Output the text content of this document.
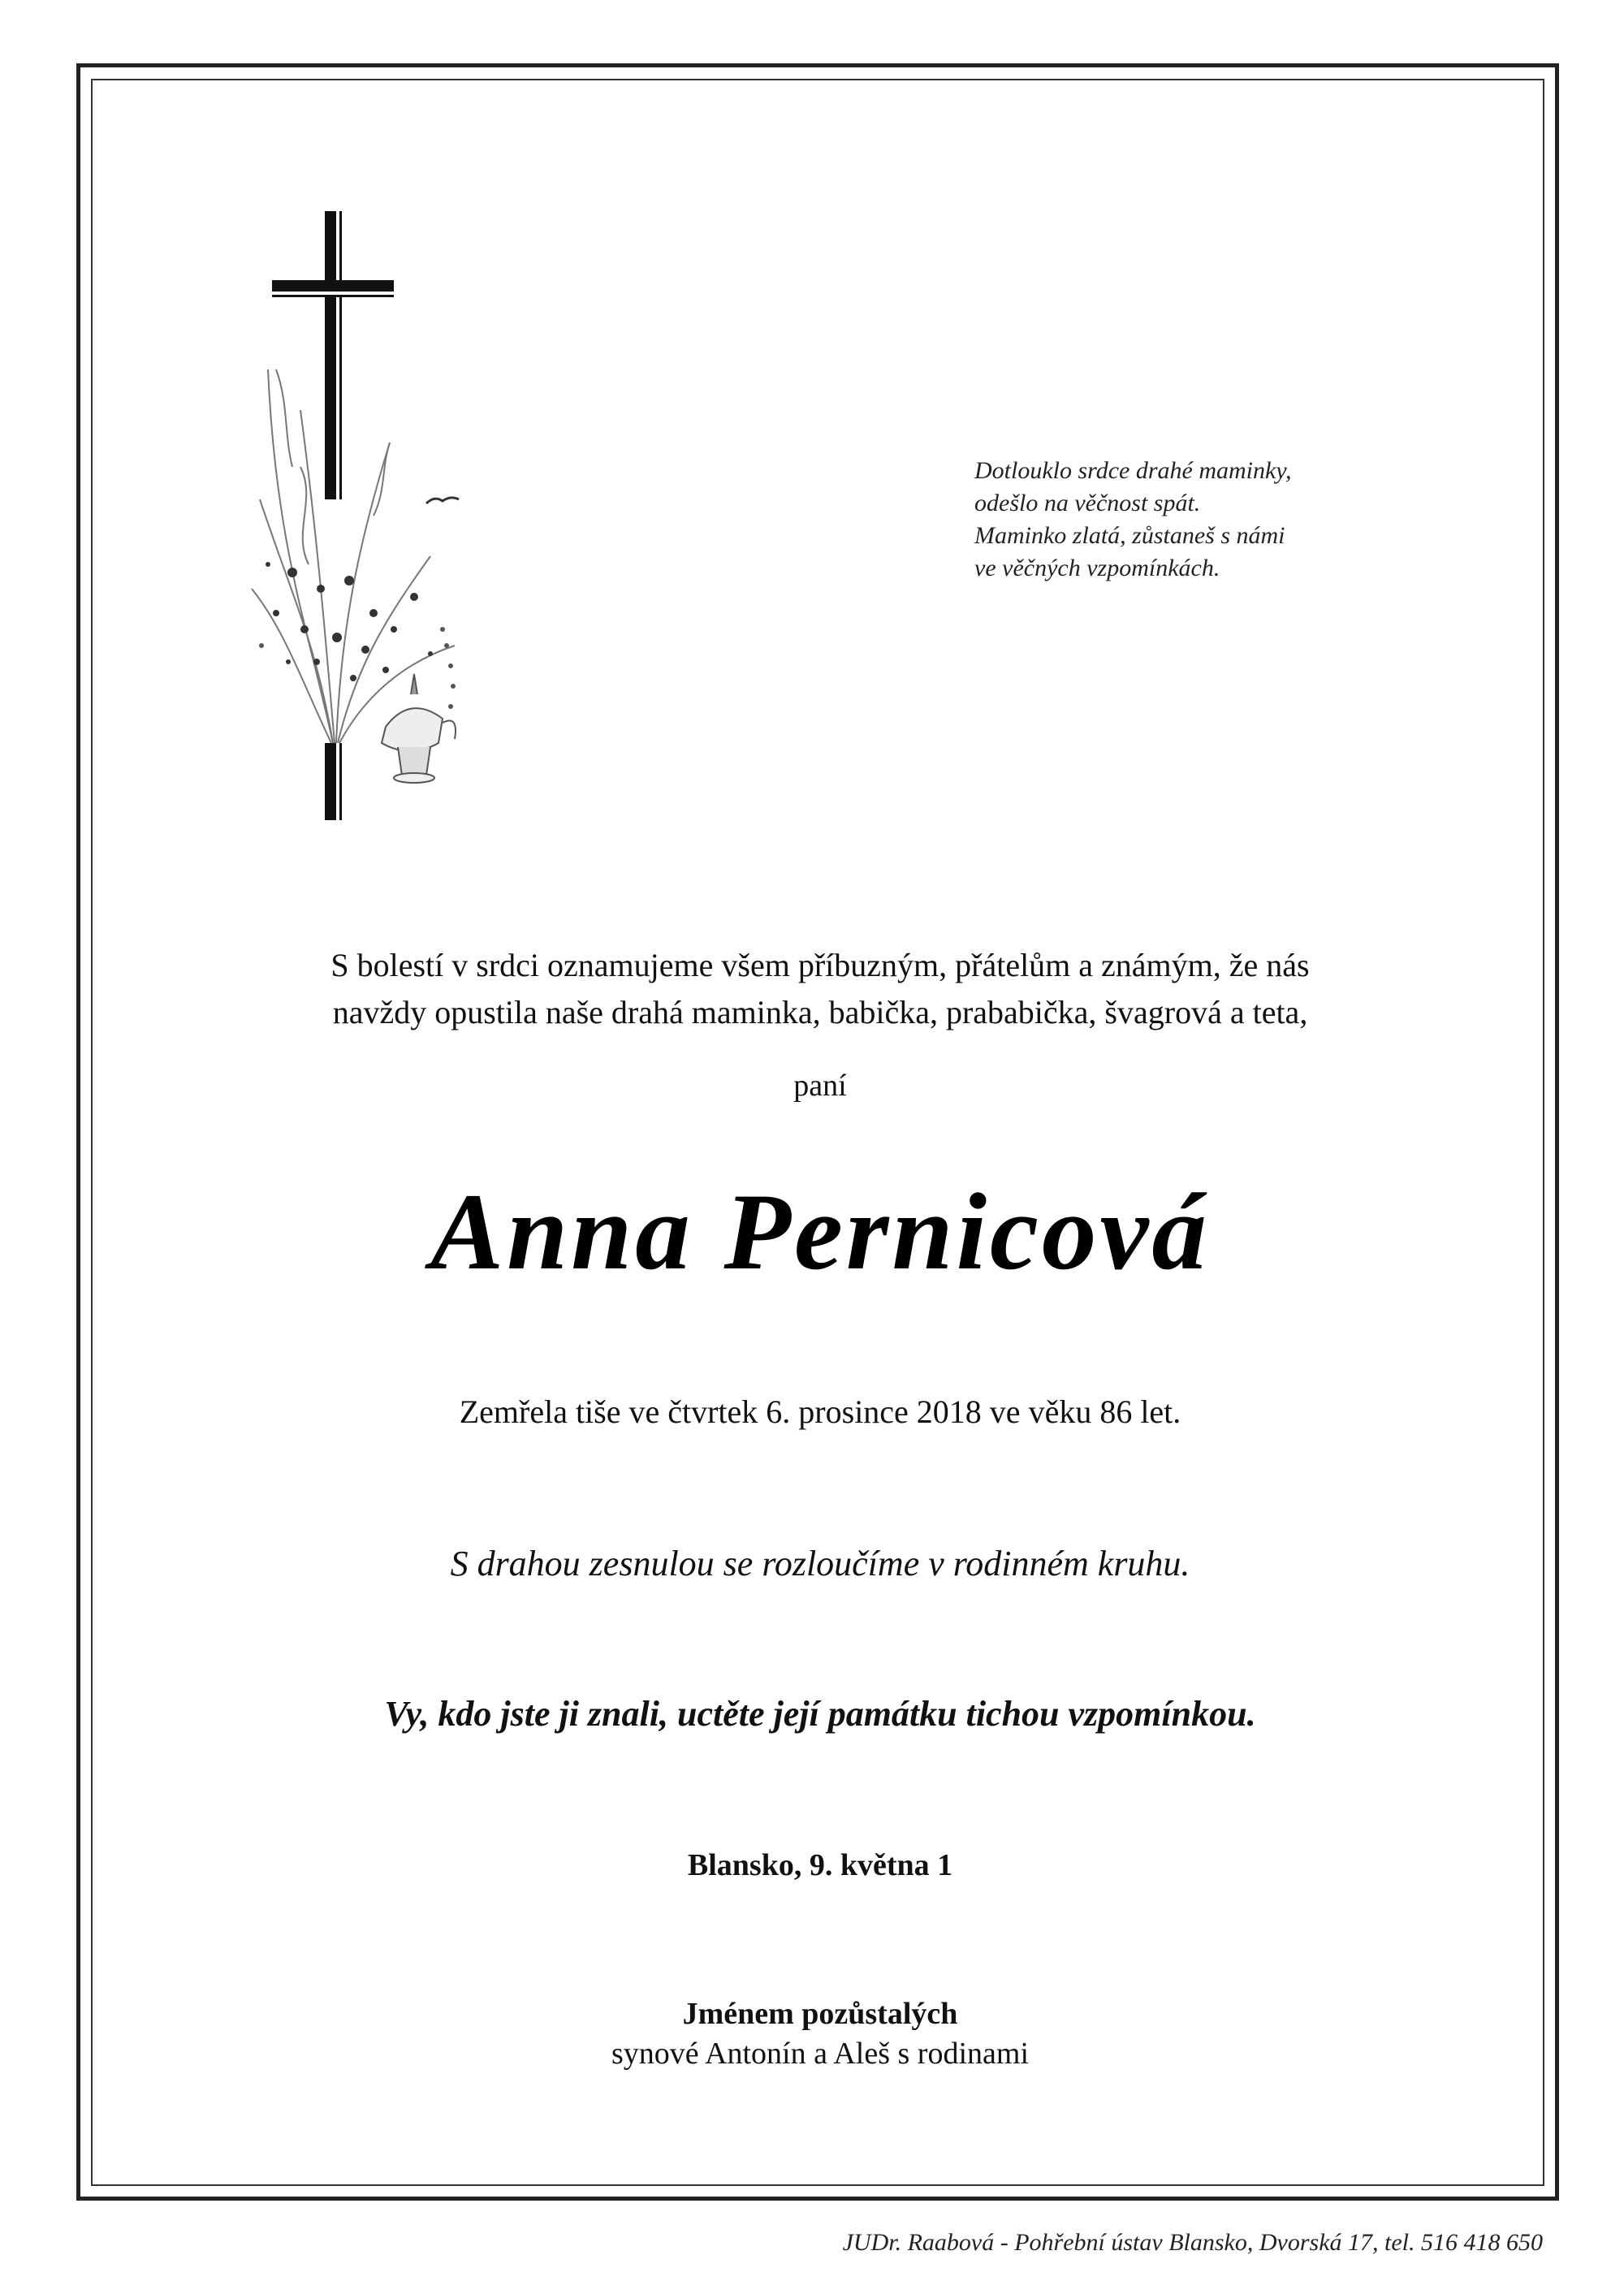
Dotlouklo srdce drahé maminky,
odešlo na věčnost spát.
Maminko zlatá, zůstaneš s námi
ve věčných vzpomínkách.
S bolestí v srdci oznamujeme všem příbuzným, přátelům a známým, že nás
navždy opustila naše drahá maminka, babička, prababička, švagrová a teta,
paní
Anna Pernicová
Zemřela tiše ve čtvrtek 6. prosince 2018 ve věku 86 let.
S drahou zesnulou se rozloučíme v rodinném kruhu.
Vy, kdo jste ji znali, uctěte její památku tichou vzpomínkou.
Blansko, 9. května 1
Jménem pozůstalých
synové Antonín a Aleš s rodinami
JUDr. Raabová - Pohřební ústav Blansko, Dvorská 17, tel. 516 418 650
